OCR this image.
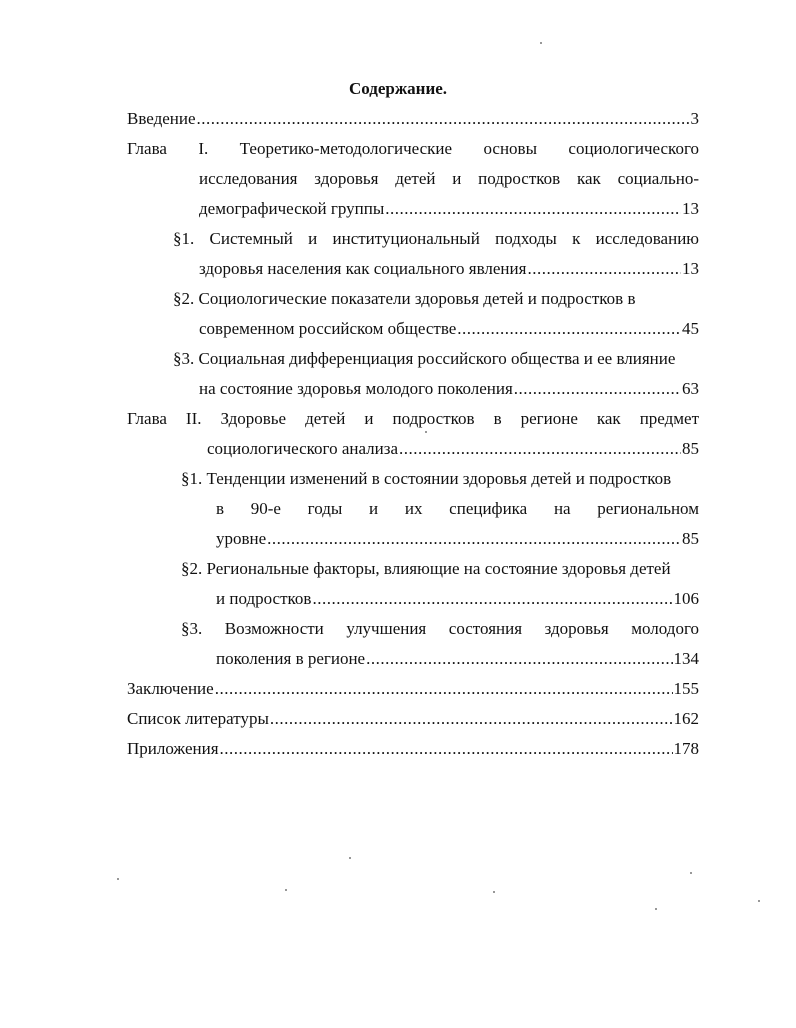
Содержание.
Введение .....	3
Глава I. Теоретико-методологические основы социологического
исследования здоровья детей и подростков как социально-
демографической группы .....	13
§1. Системный и институциональный подходы к исследованию
здоровья населения как социального явления .....	13
§2. Социологические показатели здоровья детей и подростков в
современном российском обществе .....	45
§3. Социальная дифференциация российского общества и ее влияние
на состояние здоровья молодого поколения .....	63
Глава II. Здоровье детей и подростков в регионе как предмет
социологического анализа .....	85
§1. Тенденции изменений в состоянии здоровья детей и подростков
в 90-е годы и их специфика на региональном
уровне .....	85
§2. Региональные факторы, влияющие на состояние здоровья детей
и подростков .....	106
§3. Возможности улучшения состояния здоровья молодого
поколения в регионе .....	134
Заключение .....	155
Список литературы .....	162
Приложения .....	178
